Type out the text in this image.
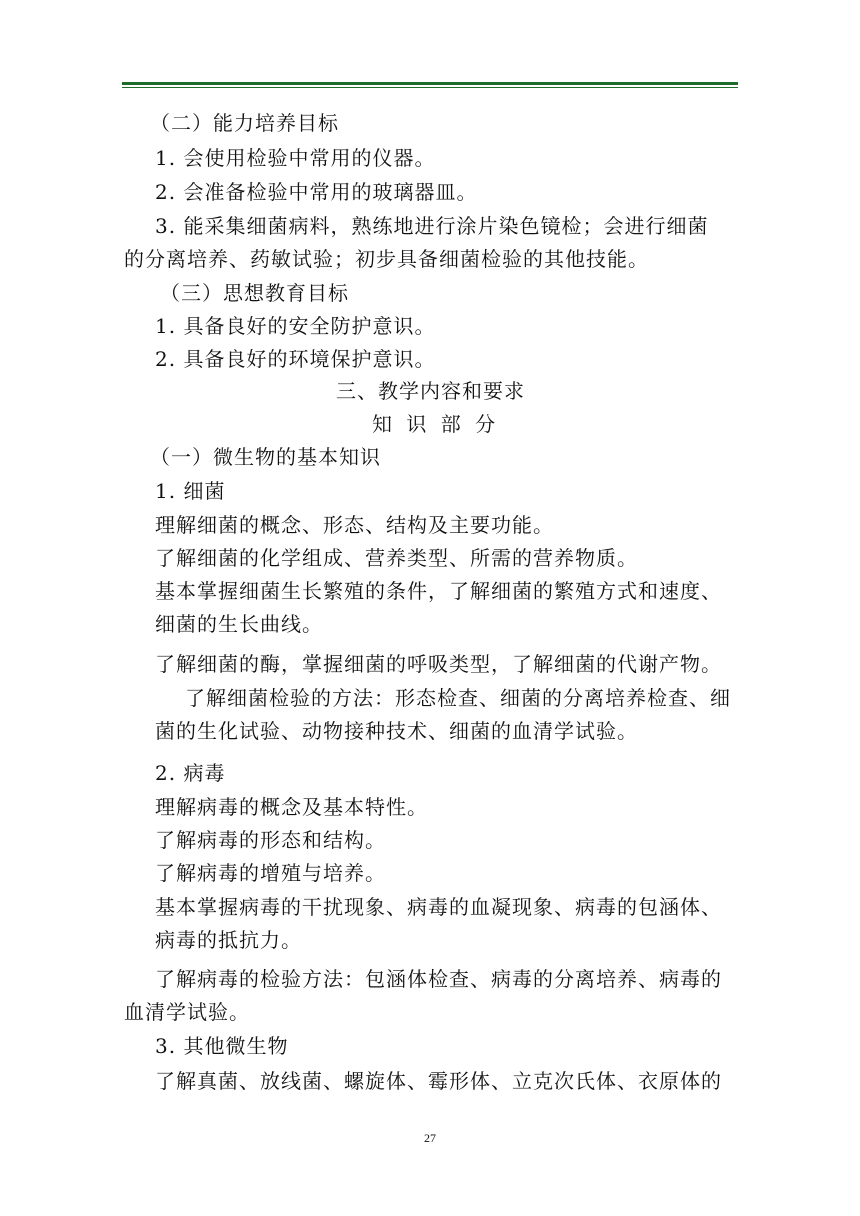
（二）能力培养目标
1. 会使用检验中常用的仪器。
2. 会准备检验中常用的玻璃器皿。
3. 能采集细菌病料，熟练地进行涂片染色镜检；会进行细菌
的分离培养、药敏试验；初步具备细菌检验的其他技能。
（三）思想教育目标
1. 具备良好的安全防护意识。
2. 具备良好的环境保护意识。
三、教学内容和要求
知 识 部 分
（一）微生物的基本知识
1. 细菌
理解细菌的概念、形态、结构及主要功能。
了解细菌的化学组成、营养类型、所需的营养物质。
基本掌握细菌生长繁殖的条件，了解细菌的繁殖方式和速度、
细菌的生长曲线。
了解细菌的酶，掌握细菌的呼吸类型，了解细菌的代谢产物。
了解细菌检验的方法：形态检查、细菌的分离培养检查、细
菌的生化试验、动物接种技术、细菌的血清学试验。
2. 病毒
理解病毒的概念及基本特性。
了解病毒的形态和结构。
了解病毒的增殖与培养。
基本掌握病毒的干扰现象、病毒的血凝现象、病毒的包涵体、
病毒的抵抗力。
了解病毒的检验方法：包涵体检查、病毒的分离培养、病毒的
血清学试验。
3. 其他微生物
了解真菌、放线菌、螺旋体、霉形体、立克次氏体、衣原体的
27
